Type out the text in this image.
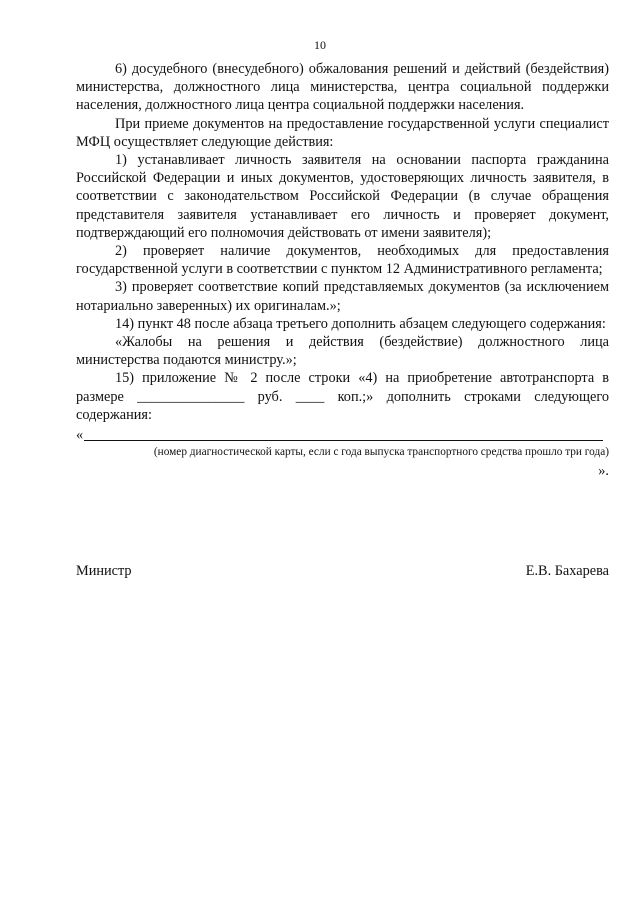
10

6) досудебного (внесудебного) обжалования решений и действий (бездействия) министерства, должностного лица министерства, центра социальной поддержки населения, должностного лица центра социальной поддержки населения.

При приеме документов на предоставление государственной услуги специалист МФЦ осуществляет следующие действия:

1) устанавливает личность заявителя на основании паспорта гражданина Российской Федерации и иных документов, удостоверяющих личность заявителя, в соответствии с законодательством Российской Федерации (в случае обращения представителя заявителя устанавливает его личность и проверяет документ, подтверждающий его полномочия действовать от имени заявителя);

2) проверяет наличие документов, необходимых для предоставления государственной услуги в соответствии с пунктом 12 Административного регламента;

3) проверяет соответствие копий представляемых документов (за исключением нотариально заверенных) их оригиналам.»;

14) пункт 48 после абзаца третьего дополнить абзацем следующего содержания:

«Жалобы на решения и действия (бездействие) должностного лица министерства подаются министру.»;

15) приложение № 2 после строки «4) на приобретение автотранспорта в размере _______________ руб. ____ коп.;» дополнить строками следующего содержания:

«
(номер диагностической карты, если с года выпуска транспортного средства прошло три года)
».
Министр	Е.В. Бахарева
